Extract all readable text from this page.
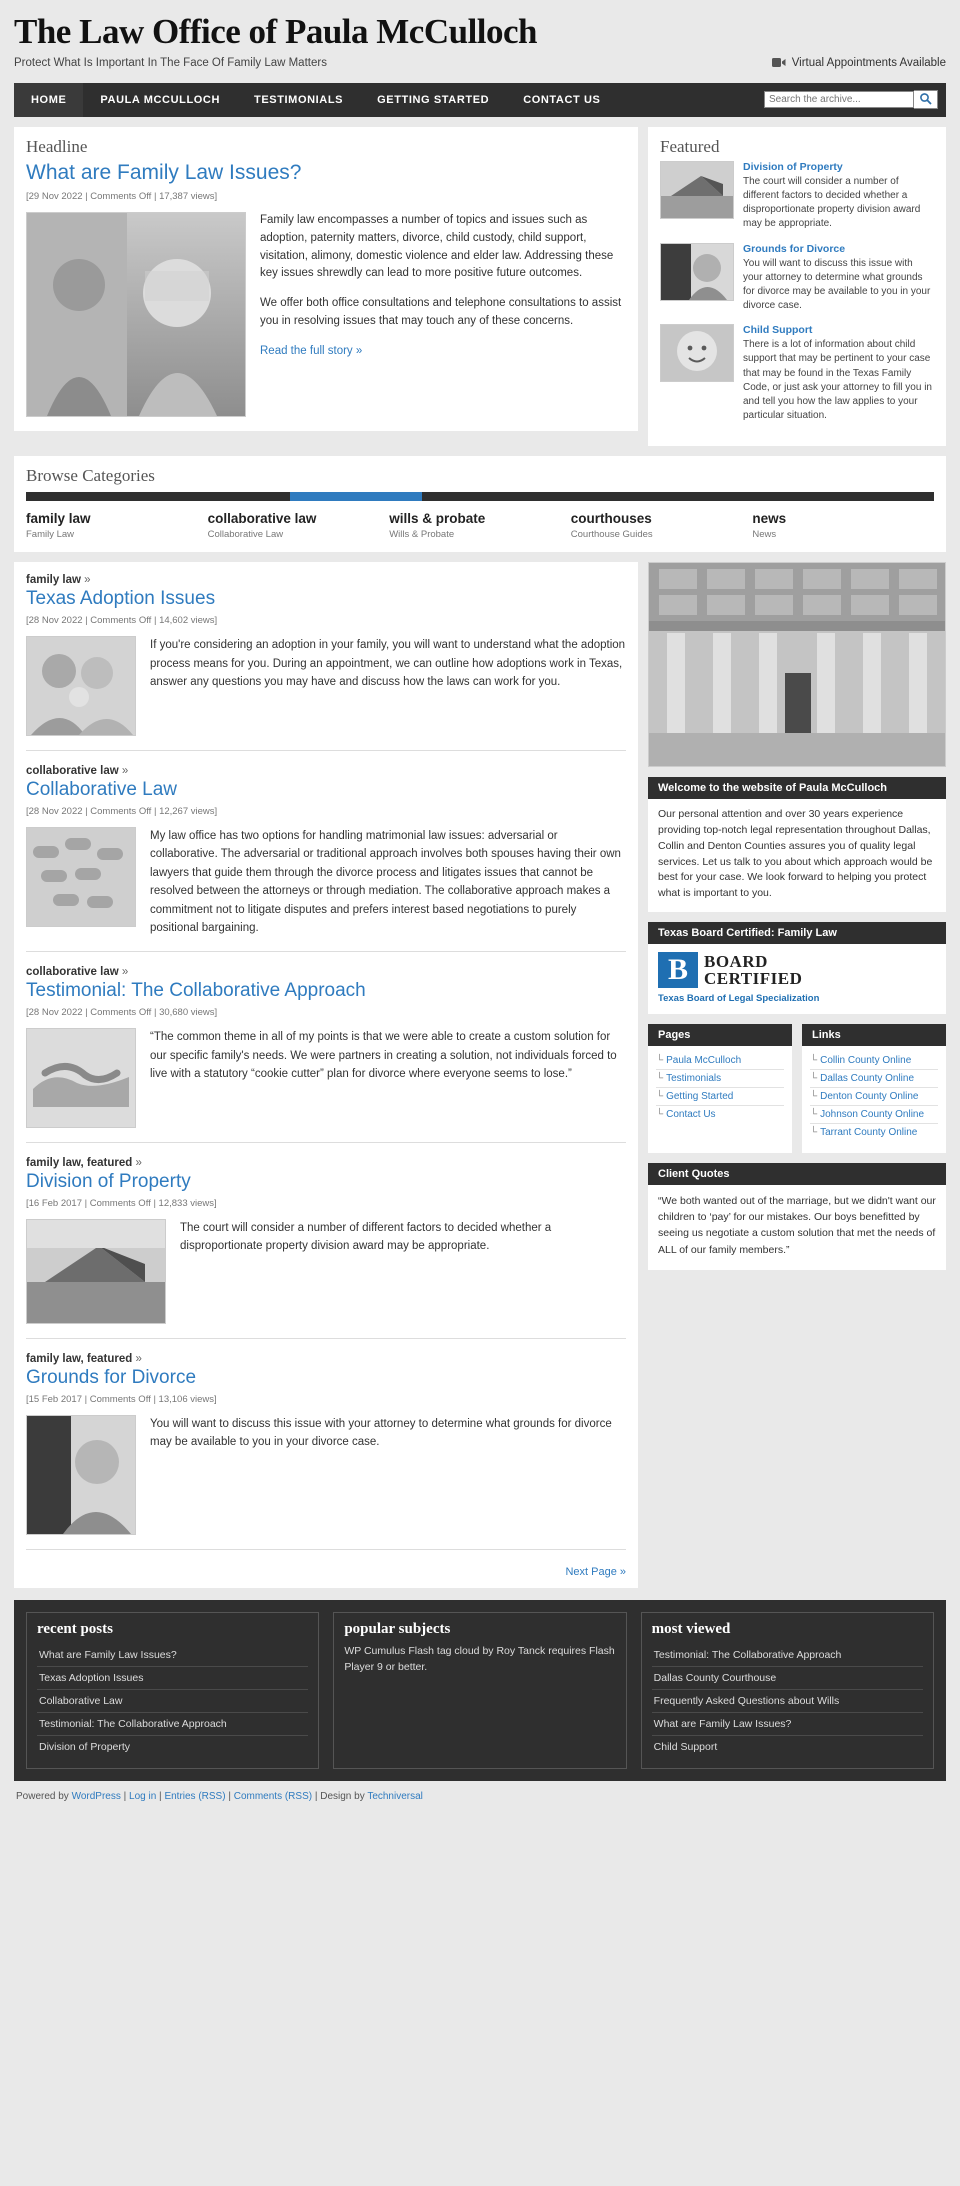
The Law Office of Paula McCulloch
Protect What Is Important In The Face Of Family Law Matters	Virtual Appointments Available
HOME	PAULA MCCULLOCH	TESTIMONIALS	GETTING STARTED	CONTACT US
Search the archive...
Headline
What are Family Law Issues?
[29 Nov 2022 | Comments Off | 17,387 views]

Family law encompasses a number of topics and issues such as adoption, paternity matters, divorce, child custody, child support, visitation, alimony, domestic violence and elder law. Addressing these key issues shrewdly can lead to more positive future outcomes.

We offer both office consultations and telephone consultations to assist you in resolving issues that may touch any of these concerns.

Read the full story »
Featured
Division of Property
The court will consider a number of different factors to decided whether a disproportionate property division award may be appropriate.
Grounds for Divorce
You will want to discuss this issue with your attorney to determine what grounds for divorce may be available to you in your divorce case.
Child Support
There is a lot of information about child support that may be pertinent to your case that may be found in the Texas Family Code, or just ask your attorney to fill you in and tell you how the law applies to your particular situation.
Browse Categories
family law
Family Law
collaborative law
Collaborative Law
wills & probate
Wills & Probate
courthouses
Courthouse Guides
news
News
family law »
Texas Adoption Issues
[28 Nov 2022 | Comments Off | 14,602 views]

If you're considering an adoption in your family, you will want to understand what the adoption process means for you. During an appointment, we can outline how adoptions work in Texas, answer any questions you may have and discuss how the laws can work for you.

collaborative law »
Collaborative Law
[28 Nov 2022 | Comments Off | 12,267 views]

My law office has two options for handling matrimonial law issues: adversarial or collaborative. The adversarial or traditional approach involves both spouses having their own lawyers that guide them through the divorce process and litigates issues that cannot be resolved between the attorneys or through mediation. The collaborative approach makes a commitment not to litigate disputes and prefers interest based negotiations to purely positional bargaining.

collaborative law »
Testimonial: The Collaborative Approach
[28 Nov 2022 | Comments Off | 30,680 views]

“The common theme in all of my points is that we were able to create a custom solution for our specific family's needs. We were partners in creating a solution, not individuals forced to live with a statutory “cookie cutter” plan for divorce where everyone seems to lose.”

family law, featured »
Division of Property
[16 Feb 2017 | Comments Off | 12,833 views]

The court will consider a number of different factors to decided whether a disproportionate property division award may be appropriate.

family law, featured »
Grounds for Divorce
[15 Feb 2017 | Comments Off | 13,106 views]

You will want to discuss this issue with your attorney to determine what grounds for divorce may be available to you in your divorce case.

Next Page »
Welcome to the website of Paula McCulloch
Our personal attention and over 30 years experience providing top-notch legal representation throughout Dallas, Collin and Denton Counties assures you of quality legal services. Let us talk to you about which approach would be best for your case. We look forward to helping you protect what is important to you.
Texas Board Certified: Family Law
B BOARD
CERTIFIED
Texas Board of Legal Specialization
Pages
└ Paula McCulloch
└ Testimonials
└ Getting Started
└ Contact Us
Links
└ Collin County Online
└ Dallas County Online
└ Denton County Online
└ Johnson County Online
└ Tarrant County Online
Client Quotes
“We both wanted out of the marriage, but we didn't want our children to ‘pay’ for our mistakes. Our boys benefitted by seeing us negotiate a custom solution that met the needs of ALL of our family members.”
recent posts
What are Family Law Issues?
Texas Adoption Issues
Collaborative Law
Testimonial: The Collaborative Approach
Division of Property
popular subjects

WP Cumulus Flash tag cloud by Roy Tanck requires Flash Player 9 or better.

most viewed
Testimonial: The Collaborative Approach
Dallas County Courthouse
Frequently Asked Questions about Wills
What are Family Law Issues?
Child Support
Powered by WordPress | Log in | Entries (RSS) | Comments (RSS) | Design by Techniversal
